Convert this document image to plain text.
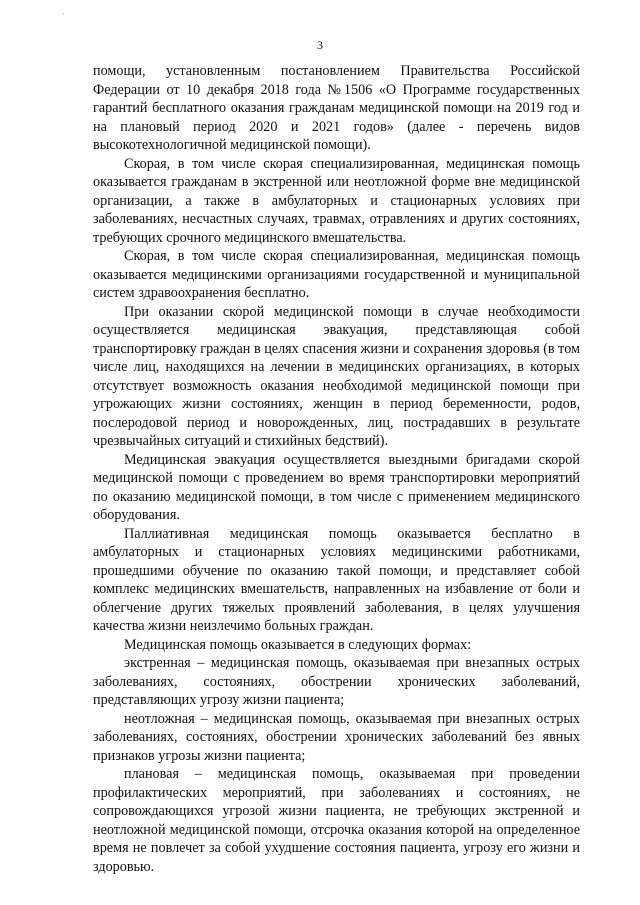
·
3

помощи, установленным постановлением Правительства Российской Федерации от 10 декабря 2018 года №1506 «О Программе государственных гарантий бесплатного оказания гражданам медицинской помощи на 2019 год и на плановый период 2020 и 2021 годов» (далее - перечень видов высокотехнологичной медицинской помощи).

Скорая, в том числе скорая специализированная, медицинская помощь оказывается гражданам в экстренной или неотложной форме вне медицинской организации, а также в амбулаторных и стационарных условиях при заболеваниях, несчастных случаях, травмах, отравлениях и других состояниях, требующих срочного медицинского вмешательства.

Скорая, в том числе скорая специализированная, медицинская помощь оказывается медицинскими организациями государственной и муниципальной систем здравоохранения бесплатно.

При оказании скорой медицинской помощи в случае необходимости осуществляется медицинская эвакуация, представляющая собой транспортировку граждан в целях спасения жизни и сохранения здоровья (в том числе лиц, находящихся на лечении в медицинских организациях, в которых отсутствует возможность оказания необходимой медицинской помощи при угрожающих жизни состояниях, женщин в период беременности, родов, послеродовой период и новорожденных, лиц, пострадавших в результате чрезвычайных ситуаций и стихийных бедствий).

Медицинская эвакуация осуществляется выездными бригадами скорой медицинской помощи с проведением во время транспортировки мероприятий по оказанию медицинской помощи, в том числе с применением медицинского оборудования.

Паллиативная медицинская помощь оказывается бесплатно в амбулаторных и стационарных условиях медицинскими работниками, прошедшими обучение по оказанию такой помощи, и представляет собой комплекс медицинских вмешательств, направленных на избавление от боли и облегчение других тяжелых проявлений заболевания, в целях улучшения качества жизни неизлечимо больных граждан.

Медицинская помощь оказывается в следующих формах:

экстренная – медицинская помощь, оказываемая при внезапных острых заболеваниях, состояниях, обострении хронических заболеваний, представляющих угрозу жизни пациента;

неотложная – медицинская помощь, оказываемая при внезапных острых заболеваниях, состояниях, обострении хронических заболеваний без явных признаков угрозы жизни пациента;

плановая – медицинская помощь, оказываемая при проведении профилактических мероприятий, при заболеваниях и состояниях, не сопровождающихся угрозой жизни пациента, не требующих экстренной и неотложной медицинской помощи, отсрочка оказания которой на определенное время не повлечет за собой ухудшение состояния пациента, угрозу его жизни и здоровью.
